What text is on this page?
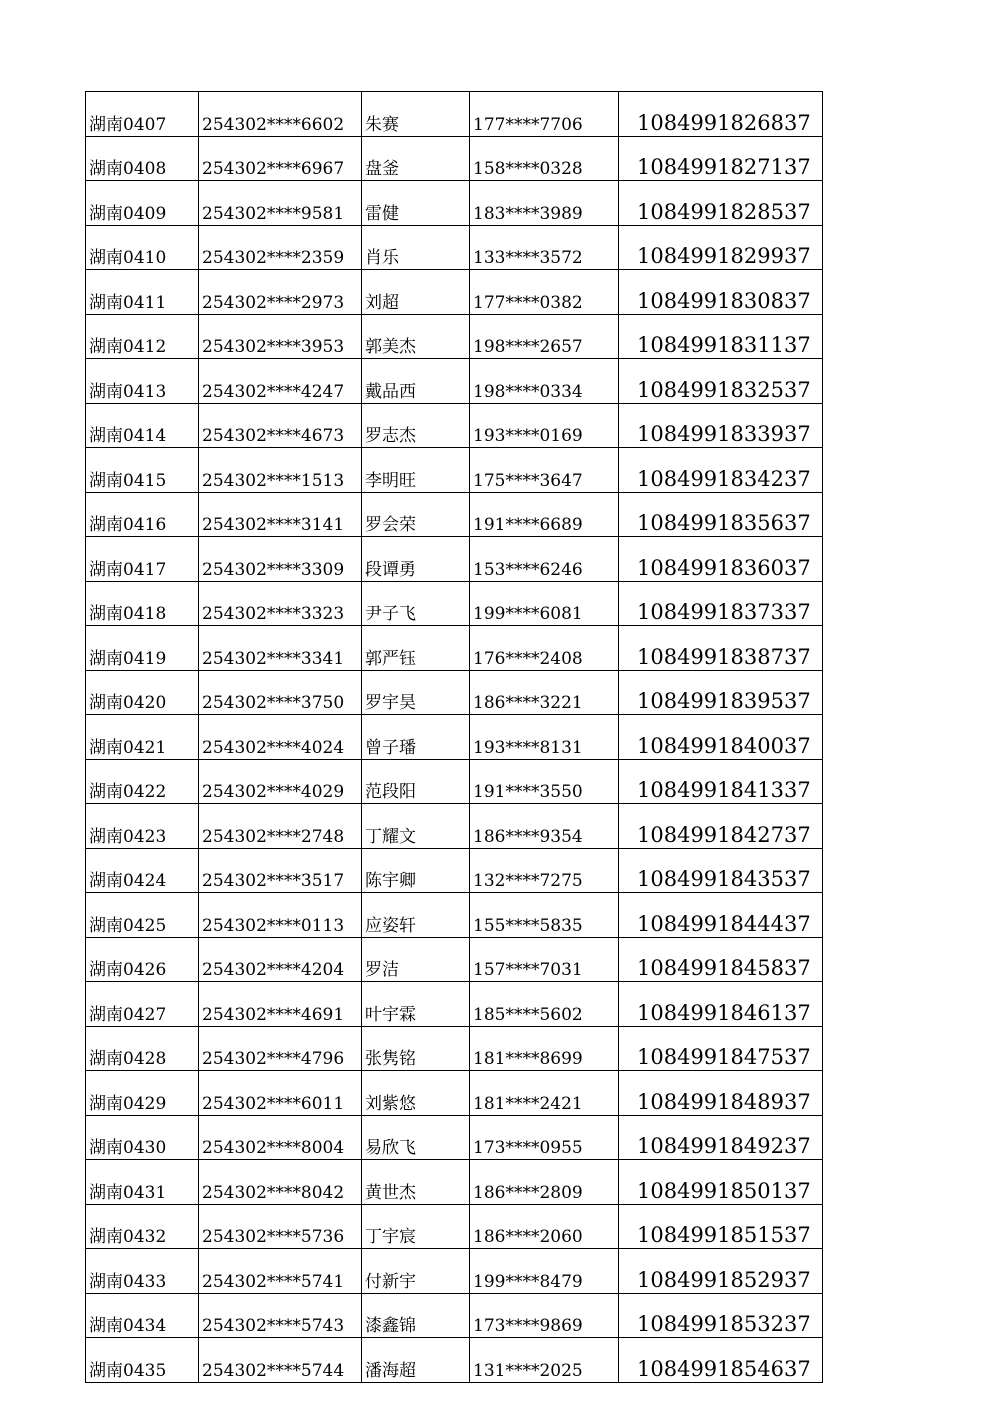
湖南0407	254302****6602	朱赛	177****7706	1084991826837
湖南0408	254302****6967	盘釜	158****0328	1084991827137
湖南0409	254302****9581	雷健	183****3989	1084991828537
湖南0410	254302****2359	肖乐	133****3572	1084991829937
湖南0411	254302****2973	刘超	177****0382	1084991830837
湖南0412	254302****3953	郭美杰	198****2657	1084991831137
湖南0413	254302****4247	戴品西	198****0334	1084991832537
湖南0414	254302****4673	罗志杰	193****0169	1084991833937
湖南0415	254302****1513	李明旺	175****3647	1084991834237
湖南0416	254302****3141	罗会荣	191****6689	1084991835637
湖南0417	254302****3309	段谭勇	153****6246	1084991836037
湖南0418	254302****3323	尹子飞	199****6081	1084991837337
湖南0419	254302****3341	郭严钰	176****2408	1084991838737
湖南0420	254302****3750	罗宇昊	186****3221	1084991839537
湖南0421	254302****4024	曾子璠	193****8131	1084991840037
湖南0422	254302****4029	范段阳	191****3550	1084991841337
湖南0423	254302****2748	丁耀文	186****9354	1084991842737
湖南0424	254302****3517	陈宇卿	132****7275	1084991843537
湖南0425	254302****0113	应姿轩	155****5835	1084991844437
湖南0426	254302****4204	罗洁	157****7031	1084991845837
湖南0427	254302****4691	叶宇霖	185****5602	1084991846137
湖南0428	254302****4796	张隽铭	181****8699	1084991847537
湖南0429	254302****6011	刘紫悠	181****2421	1084991848937
湖南0430	254302****8004	易欣飞	173****0955	1084991849237
湖南0431	254302****8042	黄世杰	186****2809	1084991850137
湖南0432	254302****5736	丁宇宸	186****2060	1084991851537
湖南0433	254302****5741	付新宇	199****8479	1084991852937
湖南0434	254302****5743	漆鑫锦	173****9869	1084991853237
湖南0435	254302****5744	潘海超	131****2025	1084991854637
